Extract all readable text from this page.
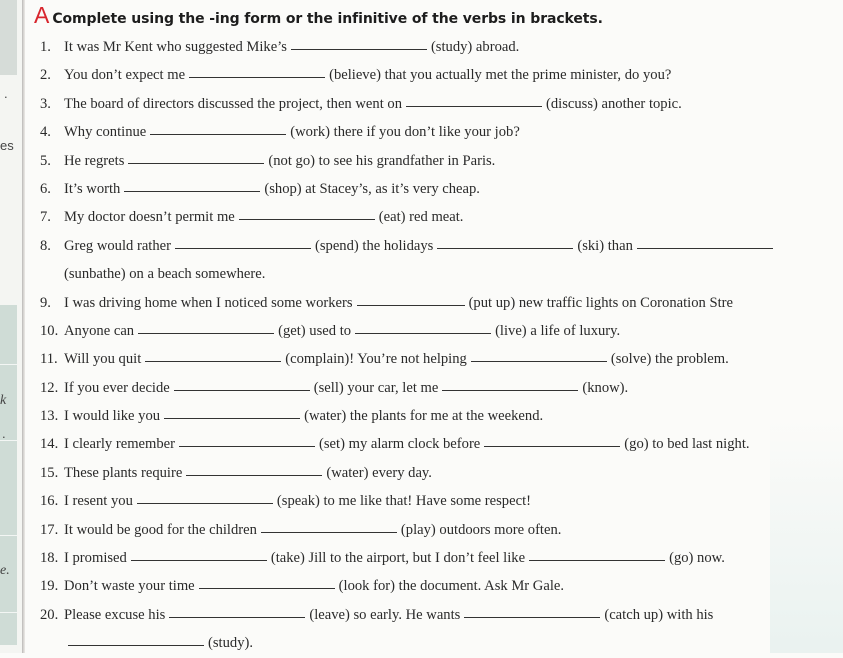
.
es
k
.
e.
A Complete using the -ing form or the infinitive of the verbs in brackets.
1. It was Mr Kent who suggested Mike’s	(study) abroad.
2. You don’t expect me	(believe) that you actually met the prime minister, do you?
3. The board of directors discussed the project, then went on	(discuss) another topic.
4. Why continue	(work) there if you don’t like your job?
5. He regrets	(not go) to see his grandfather in Paris.
6. It’s worth	(shop) at Stacey’s, as it’s very cheap.
7. My doctor doesn’t permit me	(eat) red meat.
8. Greg would rather	(spend) the holidays	(ski) than
(sunbathe) on a beach somewhere.
9. I was driving home when I noticed some workers	(put up) new traffic lights on Coronation Stre
10. Anyone can	(get) used to	(live) a life of luxury.
11. Will you quit	(complain)! You’re not helping	(solve) the problem.
12. If you ever decide	(sell) your car, let me	(know).
13. I would like you	(water) the plants for me at the weekend.
14. I clearly remember	(set) my alarm clock before	(go) to bed last night.
15. These plants require	(water) every day.
16. I resent you	(speak) to me like that! Have some respect!
17. It would be good for the children	(play) outdoors more often.
18. I promised	(take) Jill to the airport, but I don’t feel like	(go) now.
19. Don’t waste your time	(look for) the document. Ask Mr Gale.
20. Please excuse his	(leave) so early. He wants	(catch up) with his
(study).
